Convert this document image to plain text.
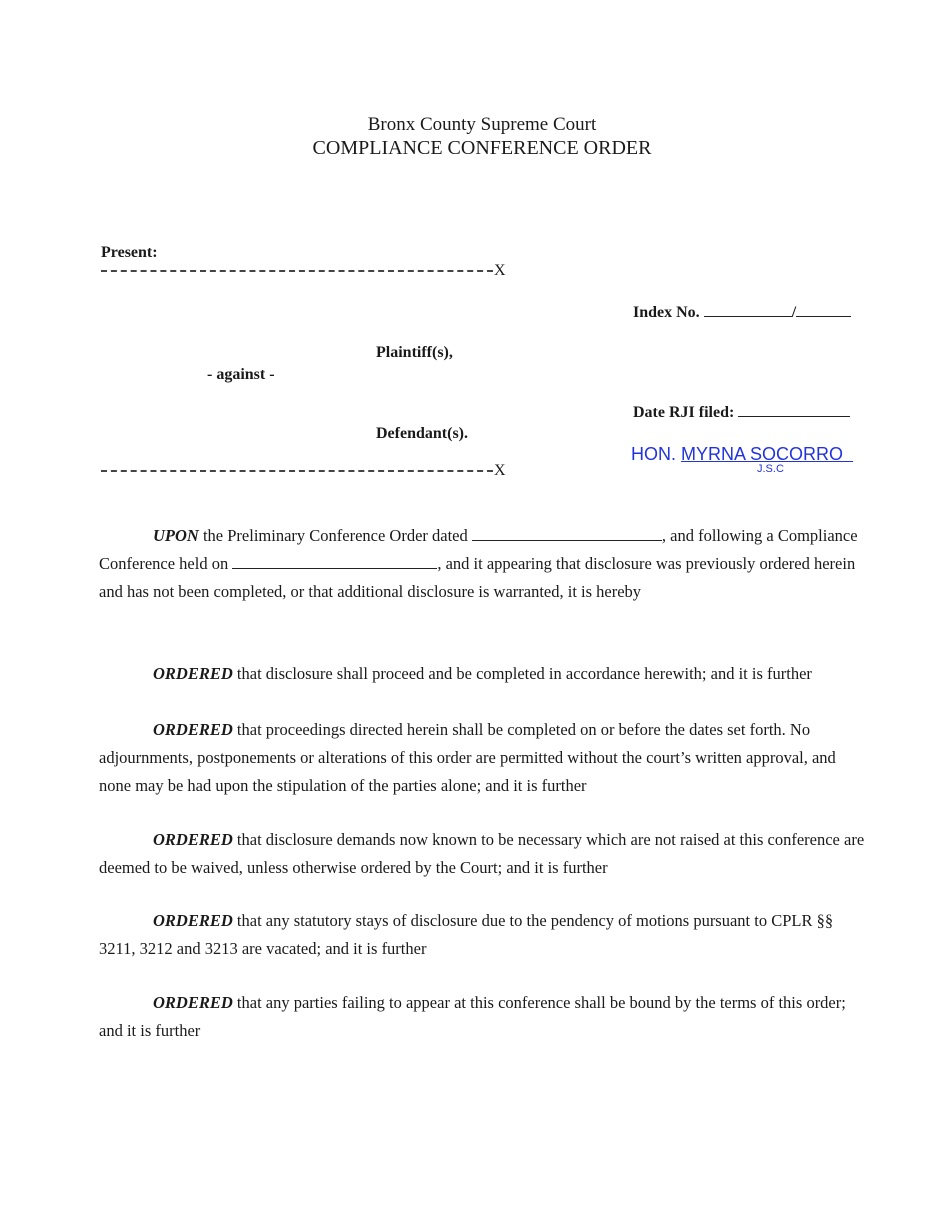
Bronx County Supreme Court
COMPLIANCE CONFERENCE ORDER
Present:
X
Index No.	/
Plaintiff(s),
- against -
Date RJI filed:
Defendant(s).
HON. MYRNA SOCORRO
J.S.C
X
UPON the Preliminary Conference Order dated	, and following a Compliance Conference held on	, and it appearing that disclosure was previously ordered herein and has not been completed, or that additional disclosure is warranted, it is hereby
ORDERED that disclosure shall proceed and be completed in accordance herewith; and it is further
ORDERED that proceedings directed herein shall be completed on or before the dates set forth. No adjournments, postponements or alterations of this order are permitted without the court’s written approval, and none may be had upon the stipulation of the parties alone; and it is further
ORDERED that disclosure demands now known to be necessary which are not raised at this conference are deemed to be waived, unless otherwise ordered by the Court; and it is further
ORDERED that any statutory stays of disclosure due to the pendency of motions pursuant to CPLR §§ 3211, 3212 and 3213 are vacated; and it is further
ORDERED that any parties failing to appear at this conference shall be bound by the terms of this order; and it is further
